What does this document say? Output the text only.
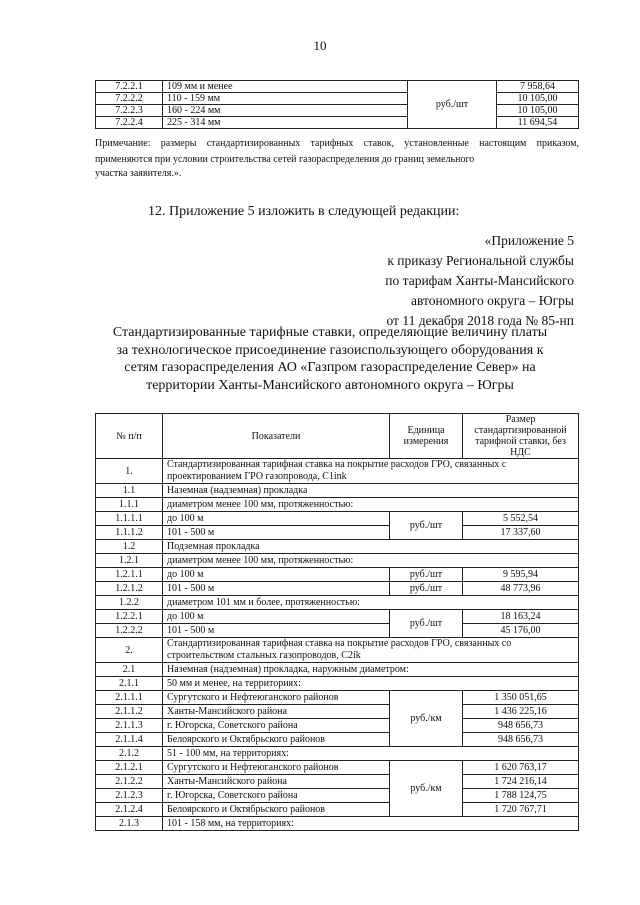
10
7.2.2.1	109 мм и менее	руб./шт	7 958,64
7.2.2.2	110 - 159 мм		10 105,00
7.2.2.3	160 - 224 мм		10 105,00
7.2.2.4	225 - 314 мм		11 694,54
Примечание: размеры стандартизированных тарифных ставок, установленные настоящим приказом, применяются при условии строительства сетей газораспределения до границ земельного
участка заявителя.».
12. Приложение 5 изложить в следующей редакции:
«Приложение 5
к приказу Региональной службы
по тарифам Ханты-Мансийского
автономного округа – Югры
от 11 декабря 2018 года № 85-нп
Стандартизированные тарифные ставки, определяющие величину платы
за технологическое присоединение газоиспользующего оборудования к
сетям газораспределения АО «Газпром газораспределение Север» на
территории Ханты-Мансийского автономного округа – Югры
№ п/п	Показатели	Единица измерения	Размер стандартизированной тарифной ставки, без НДС
1.	Стандартизированная тарифная ставка на покрытие расходов ГРО, связанных с проектированием ГРО газопровода, C1ink		
1.1	Наземная (надземная) прокладка		
1.1.1	диаметром менее 100 мм, протяженностью:		
1.1.1.1	до 100 м	руб./шт	5 552,54
1.1.1.2	101 - 500 м		17 337,60
1.2	Подземная прокладка		
1.2.1	диаметром менее 100 мм, протяженностью:		
1.2.1.1	до 100 м	руб./шт	9 595,94
1.2.1.2	101 - 500 м	руб./шт	48 773,96
1.2.2	диаметром 101 мм и более, протяженностью:		
1.2.2.1	до 100 м	руб./шт	18 163,24
1.2.2.2	101 - 500 м		45 176,00
2.	Стандартизированная тарифная ставка на покрытие расходов ГРО, связанных со строительством стальных газопроводов, C2ik		
2.1	Наземная (надземная) прокладка, наружным диаметром:		
2.1.1	50 мм и менее, на территориях:		
2.1.1.1	Сургутского и Нефтеюганского районов	руб./км	1 350 051,65
2.1.1.2	Ханты-Мансийского района		1 436 225,16
2.1.1.3	г. Югорска, Советского района		948 656,73
2.1.1.4	Белоярского и Октябрьского районов		948 656,73
2.1.2	51 - 100 мм, на территориях:		
2.1.2.1	Сургутского и Нефтеюганского районов	руб./км	1 620 763,17
2.1.2.2	Ханты-Мансийского района		1 724 216,14
2.1.2.3	г. Югорска, Советского района		1 788 124,75
2.1.2.4	Белоярского и Октябрьского районов		1 720 767,71
2.1.3	101 - 158 мм, на территориях:		
